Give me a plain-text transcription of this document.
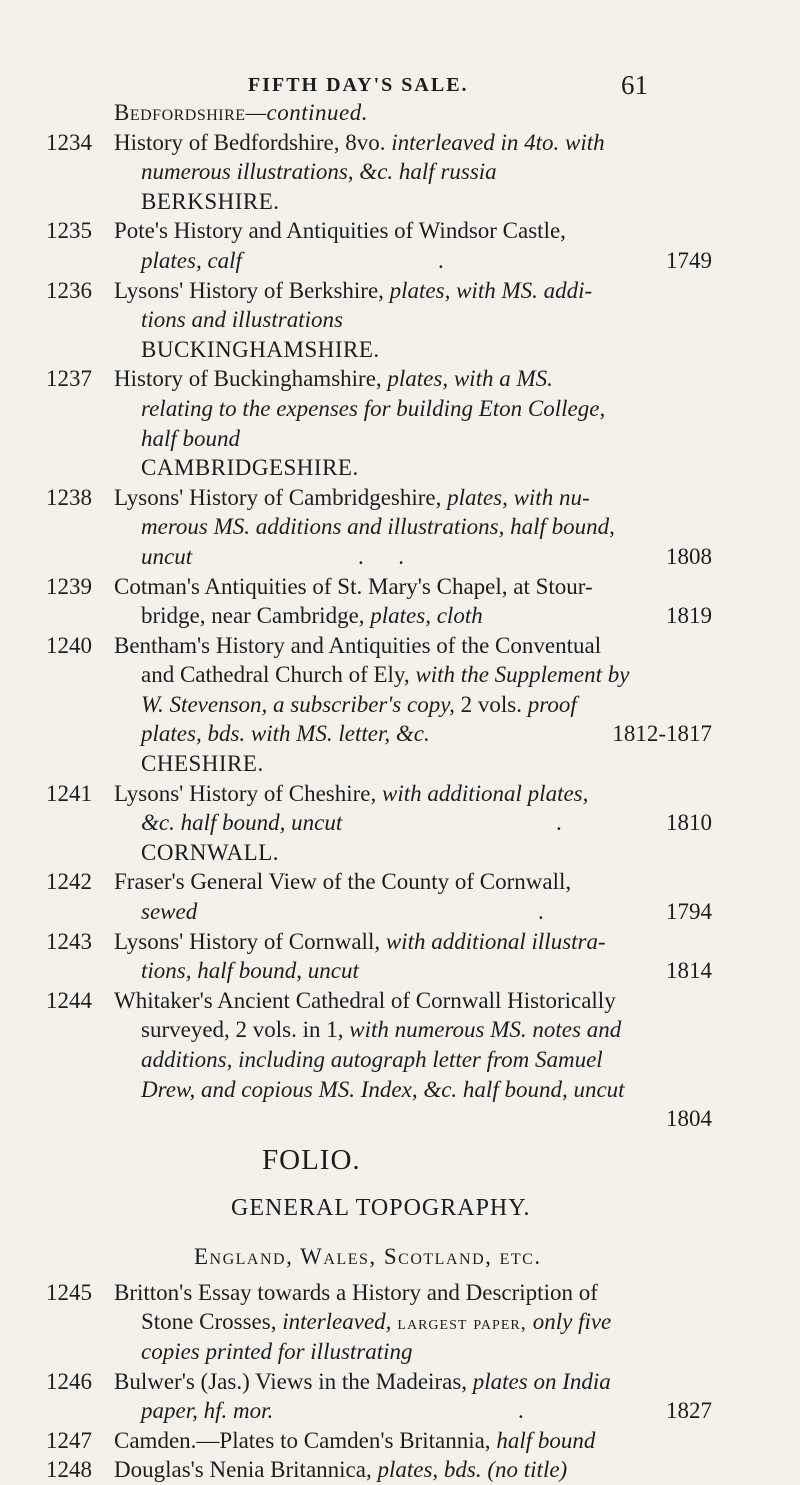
FIFTH DAY'S SALE.	61
Bedfordshire—continued.
1234 History of Bedfordshire, 8vo. interleaved in 4to. with
numerous illustrations, &c. half russia
BERKSHIRE.
1235 Pote's History and Antiquities of Windsor Castle,
plates, calf	.	1749
1236 Lysons' History of Berkshire, plates, with MS. addi-
tions and illustrations
BUCKINGHAMSHIRE.
1237 History of Buckinghamshire, plates, with a MS.
relating to the expenses for building Eton College,
half bound
CAMBRIDGESHIRE.
1238 Lysons' History of Cambridgeshire, plates, with nu-
merous MS. additions and illustrations, half bound,
uncut	.      .	1808
1239 Cotman's Antiquities of St. Mary's Chapel, at Stour-
bridge, near Cambridge, plates, cloth	1819
1240 Bentham's History and Antiquities of the Conventual
and Cathedral Church of Ely, with the Supplement by
W. Stevenson, a subscriber's copy, 2 vols. proof
plates, bds. with MS. letter, &c.	1812-1817
CHESHIRE.
1241 Lysons' History of Cheshire, with additional plates,
&c. half bound, uncut	.	1810
CORNWALL.
1242 Fraser's General View of the County of Cornwall,
sewed	.	1794
1243 Lysons' History of Cornwall, with additional illustra-
tions, half bound, uncut	1814
1244 Whitaker's Ancient Cathedral of Cornwall Historically
surveyed, 2 vols. in 1, with numerous MS. notes and
additions, including autograph letter from Samuel
Drew, and copious MS. Index, &c. half bound, uncut
1804
FOLIO.
GENERAL TOPOGRAPHY.
England, Wales, Scotland, etc.
1245 Britton's Essay towards a History and Description of
Stone Crosses, interleaved, largest paper, only five
copies printed for illustrating
1246 Bulwer's (Jas.) Views in the Madeiras, plates on India
paper, hf. mor.	.	1827
1247 Camden.—Plates to Camden's Britannia, half bound
1248 Douglas's Nenia Britannica, plates, bds. (no title)
